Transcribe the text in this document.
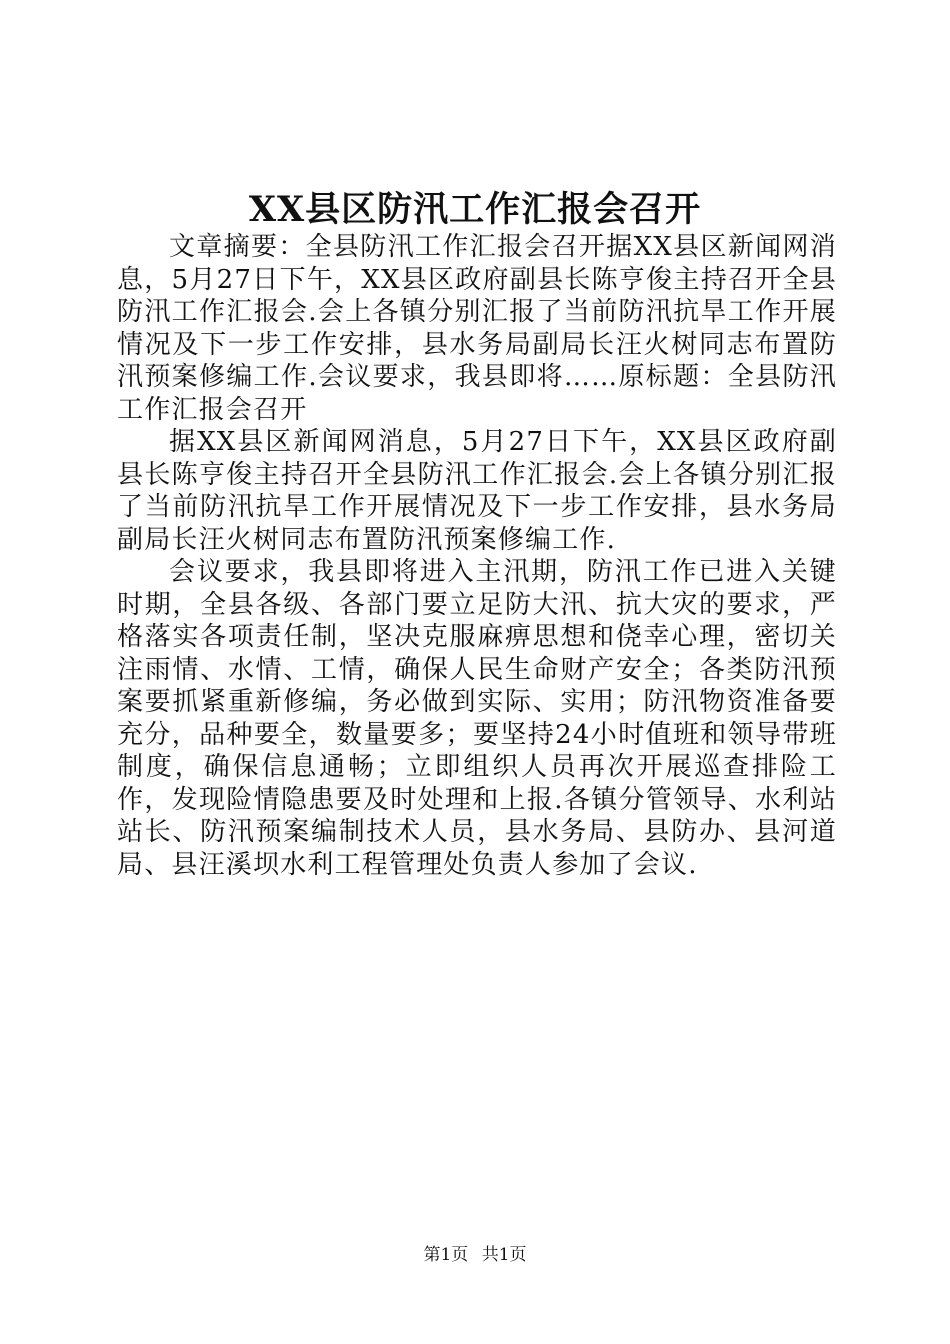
XX县区防汛工作汇报会召开

文章摘要：全县防汛工作汇报会召开据XX县区新闻网消息，5月27日下午，XX县区政府副县长陈亨俊主持召开全县防汛工作汇报会.会上各镇分别汇报了当前防汛抗旱工作开展情况及下一步工作安排，县水务局副局长汪火树同志布置防汛预案修编工作.会议要求，我县即将……原标题：全县防汛工作汇报会召开

据XX县区新闻网消息，5月27日下午，XX县区政府副县长陈亨俊主持召开全县防汛工作汇报会.会上各镇分别汇报了当前防汛抗旱工作开展情况及下一步工作安排，县水务局副局长汪火树同志布置防汛预案修编工作.

会议要求，我县即将进入主汛期，防汛工作已进入关键时期，全县各级、各部门要立足防大汛、抗大灾的要求，严格落实各项责任制，坚决克服麻痹思想和侥幸心理，密切关注雨情、水情、工情，确保人民生命财产安全；各类防汛预案要抓紧重新修编，务必做到实际、实用；防汛物资准备要充分，品种要全，数量要多；要坚持24小时值班和领导带班制度，确保信息通畅；立即组织人员再次开展巡查排险工作，发现险情隐患要及时处理和上报.各镇分管领导、水利站站长、防汛预案编制技术人员，县水务局、县防办、县河道局、县汪溪坝水利工程管理处负责人参加了会议.

第1页 共1页
